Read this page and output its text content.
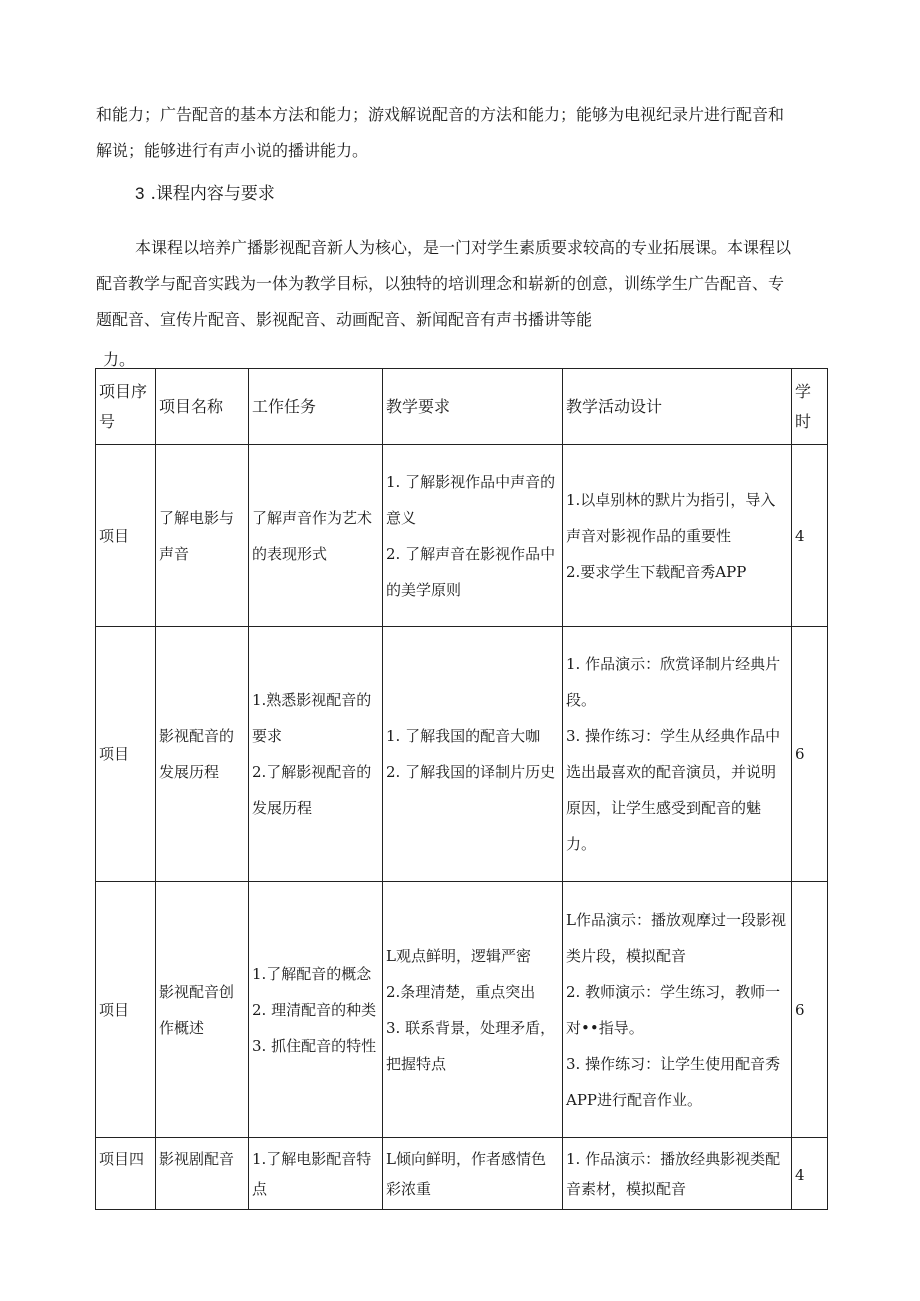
和能力；广告配音的基本方法和能力；游戏解说配音的方法和能力；能够为电视纪录片进行配音和
解说；能够进行有声小说的播讲能力。

3 .课程内容与要求

本课程以培养广播影视配音新人为核心，是一门对学生素质要求较高的专业拓展课。本课程以
配音教学与配音实践为一体为教学目标，以独特的培训理念和崭新的创意，训练学生广告配音、专
题配音、宣传片配音、影视配音、动画配音、新闻配音有声书播讲等能

力。

项目序号	项目名称	工作任务	教学要求	教学活动设计	学
时

项目	了解电影与声音	了解声音作为艺术的表现形式	1. 了解影视作品中声音的意义
2. 了解声音在影视作品中的美学原则	1.以卓别林的默片为指引，导入声音对影视作品的重要性
2.要求学生下载配音秀APP	4
项目	影视配音的发展历程	1.熟悉影视配音的要求
2.了解影视配音的发展历程	1. 了解我国的配音大咖
2. 了解我国的译制片历史	1. 作品演示：欣赏译制片经典片段。
3. 操作练习：学生从经典作品中选出最喜欢的配音演员，并说明原因，让学生感受到配音的魅力。	6
项目	影视配音创作概述	1.了解配音的概念
2. 理清配音的种类
3. 抓住配音的特性	L观点鲜明，逻辑严密
2.条理清楚，重点突出
3. 联系背景，处理矛盾，把握特点	L作品演示：播放观摩过一段影视类片段，模拟配音
2. 教师演示：学生练习，教师一对••指导。
3. 操作练习：让学生使用配音秀APP进行配音作业。	6
项目四	影视剧配音	1.了解电影配音特点	L倾向鲜明，作者感情色彩浓重	1. 作品演示：播放经典影视类配音素材，模拟配音	4
